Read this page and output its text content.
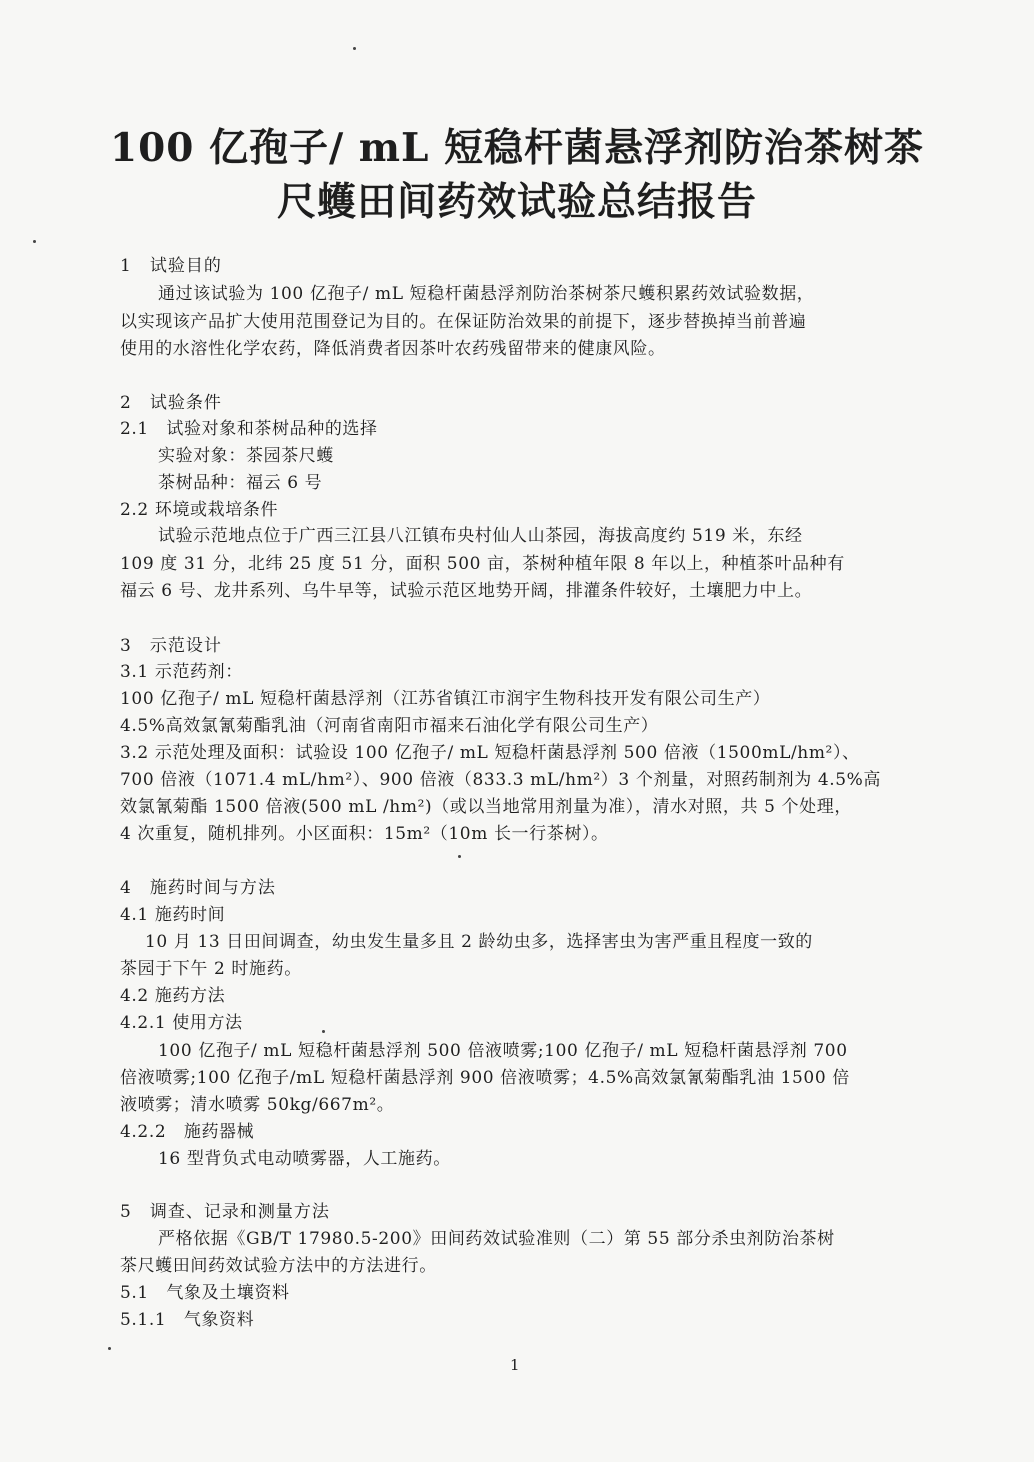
100 亿孢子/ mL 短稳杆菌悬浮剂防治茶树茶
尺蠖田间药效试验总结报告
1　试验目的
通过该试验为 100 亿孢子/ mL 短稳杆菌悬浮剂防治茶树茶尺蠖积累药效试验数据，
以实现该产品扩大使用范围登记为目的。在保证防治效果的前提下，逐步替换掉当前普遍
使用的水溶性化学农药，降低消费者因茶叶农药残留带来的健康风险。
2　试验条件
2.1　试验对象和茶树品种的选择
实验对象：茶园茶尺蠖
茶树品种：福云 6 号
2.2 环境或栽培条件
试验示范地点位于广西三江县八江镇布央村仙人山茶园，海拔高度约 519 米，东经
109 度 31 分，北纬 25 度 51 分，面积 500 亩，茶树种植年限 8 年以上，种植茶叶品种有
福云 6 号、龙井系列、乌牛早等，试验示范区地势开阔，排灌条件较好，土壤肥力中上。
3　示范设计
3.1 示范药剂：
100 亿孢子/ mL 短稳杆菌悬浮剂（江苏省镇江市润宇生物科技开发有限公司生产）
4.5%高效氯氰菊酯乳油（河南省南阳市福来石油化学有限公司生产）
3.2 示范处理及面积：试验设 100 亿孢子/ mL 短稳杆菌悬浮剂 500 倍液（1500mL/hm²）、
700 倍液（1071.4 mL/hm²）、900 倍液（833.3 mL/hm²）3 个剂量，对照药制剂为 4.5%高
效氯氰菊酯 1500 倍液(500 mL /hm²)（或以当地常用剂量为准），清水对照，共 5 个处理，
4 次重复，随机排列。小区面积：15m²（10m 长一行茶树）。
4　施药时间与方法
4.1 施药时间
10 月 13 日田间调查，幼虫发生量多且 2 龄幼虫多，选择害虫为害严重且程度一致的
茶园于下午 2 时施药。
4.2 施药方法
4.2.1 使用方法
100 亿孢子/ mL 短稳杆菌悬浮剂 500 倍液喷雾;100 亿孢子/ mL 短稳杆菌悬浮剂 700
倍液喷雾;100 亿孢子/mL 短稳杆菌悬浮剂 900 倍液喷雾；4.5%高效氯氰菊酯乳油 1500 倍
液喷雾；清水喷雾 50kg/667m²。
4.2.2　施药器械
16 型背负式电动喷雾器，人工施药。
5　调查、记录和测量方法
严格依据《GB/T 17980.5-200》田间药效试验准则（二）第 55 部分杀虫剂防治茶树
茶尺蠖田间药效试验方法中的方法进行。
5.1　气象及土壤资料
5.1.1　气象资料
1
